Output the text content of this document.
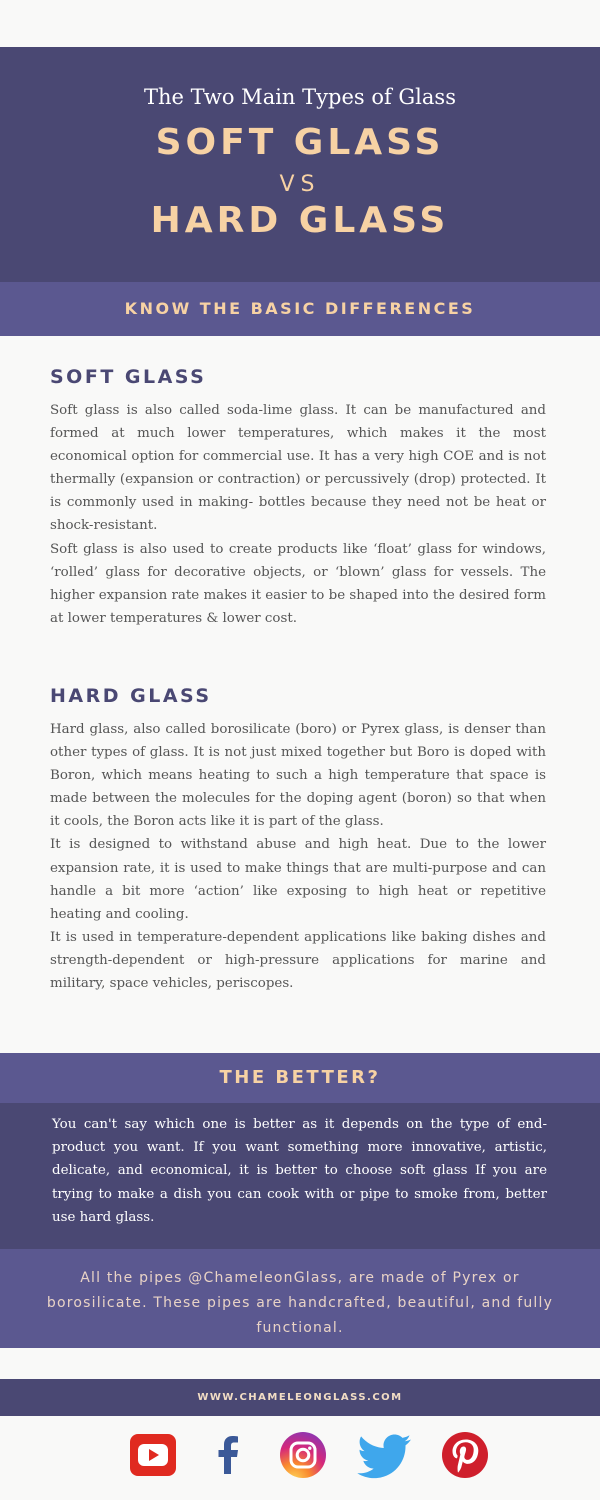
The Two Main Types of Glass
SOFT GLASS
VS
HARD GLASS
KNOW THE BASIC DIFFERENCES
SOFT GLASS

Soft glass is also called soda-lime glass. It can be manufactured and formed at much lower temperatures, which makes it the most economical option for commercial use. It has a very high COE and is not thermally (expansion or contraction) or percussively (drop) protected. It is commonly used in making- bottles because they need not be heat or shock-resistant.

Soft glass is also used to create products like ‘float’ glass for windows, ‘rolled’ glass for decorative objects, or ‘blown’ glass for vessels. The higher expansion rate makes it easier to be shaped into the desired form at lower temperatures & lower cost.

HARD GLASS

Hard glass, also called borosilicate (boro) or Pyrex glass, is denser than other types of glass. It is not just mixed together but Boro is doped with Boron, which means heating to such a high temperature that space is made between the molecules for the doping agent (boron) so that when it cools, the Boron acts like it is part of the glass.

It is designed to withstand abuse and high heat. Due to the lower expansion rate, it is used to make things that are multi-purpose and can handle a bit more ‘action’ like exposing to high heat or repetitive heating and cooling.

It is used in temperature-dependent applications like baking dishes and strength-dependent or high-pressure applications for marine and military, space vehicles, periscopes.

THE BETTER?

You can't say which one is better as it depends on the type of end-product you want. If you want something more innovative, artistic, delicate, and economical, it is better to choose soft glass If you are trying to make a dish you can cook with or pipe to smoke from, better use hard glass.

All the pipes @ChameleonGlass, are made of Pyrex or borosilicate. These pipes are handcrafted, beautiful, and fully functional.

WWW.CHAMELEONGLASS.COM
